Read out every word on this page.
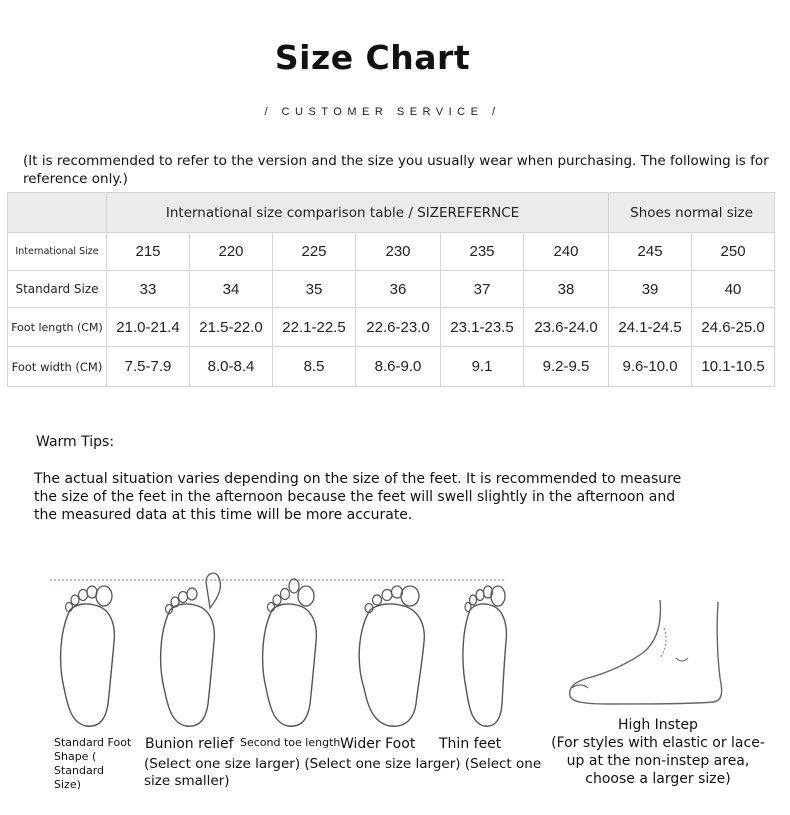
Size Chart
/ CUSTOMER SERVICE /
(It is recommended to refer to the version and the size you usually wear when purchasing. The following is for reference only.)
	International size comparison table / SIZEREFERNCE						Shoes normal size	
International Size	215	220	225	230	235	240	245	250
Standard Size	33	34	35	36	37	38	39	40
Foot length (CM)	21.0-21.4	21.5-22.0	22.1-22.5	22.6-23.0	23.1-23.5	23.6-24.0	24.1-24.5	24.6-25.0
Foot width (CM)	7.5-7.9	8.0-8.4	8.5	8.6-9.0	9.1	9.2-9.5	9.6-10.0	10.1-10.5
Warm Tips:
The actual situation varies depending on the size of the feet. It is recommended to measure the size of the feet in the afternoon because the feet will swell slightly in the afternoon and the measured data at this time will be more accurate.
Standard Foot Shape ( Standard Size)
Bunion relief Second toe length Wider Foot Thin feet
(Select one size larger) (Select one size larger) (Select one
size smaller)
High Instep
(For styles with elastic or lace-up at the non-instep area, choose a larger size)
